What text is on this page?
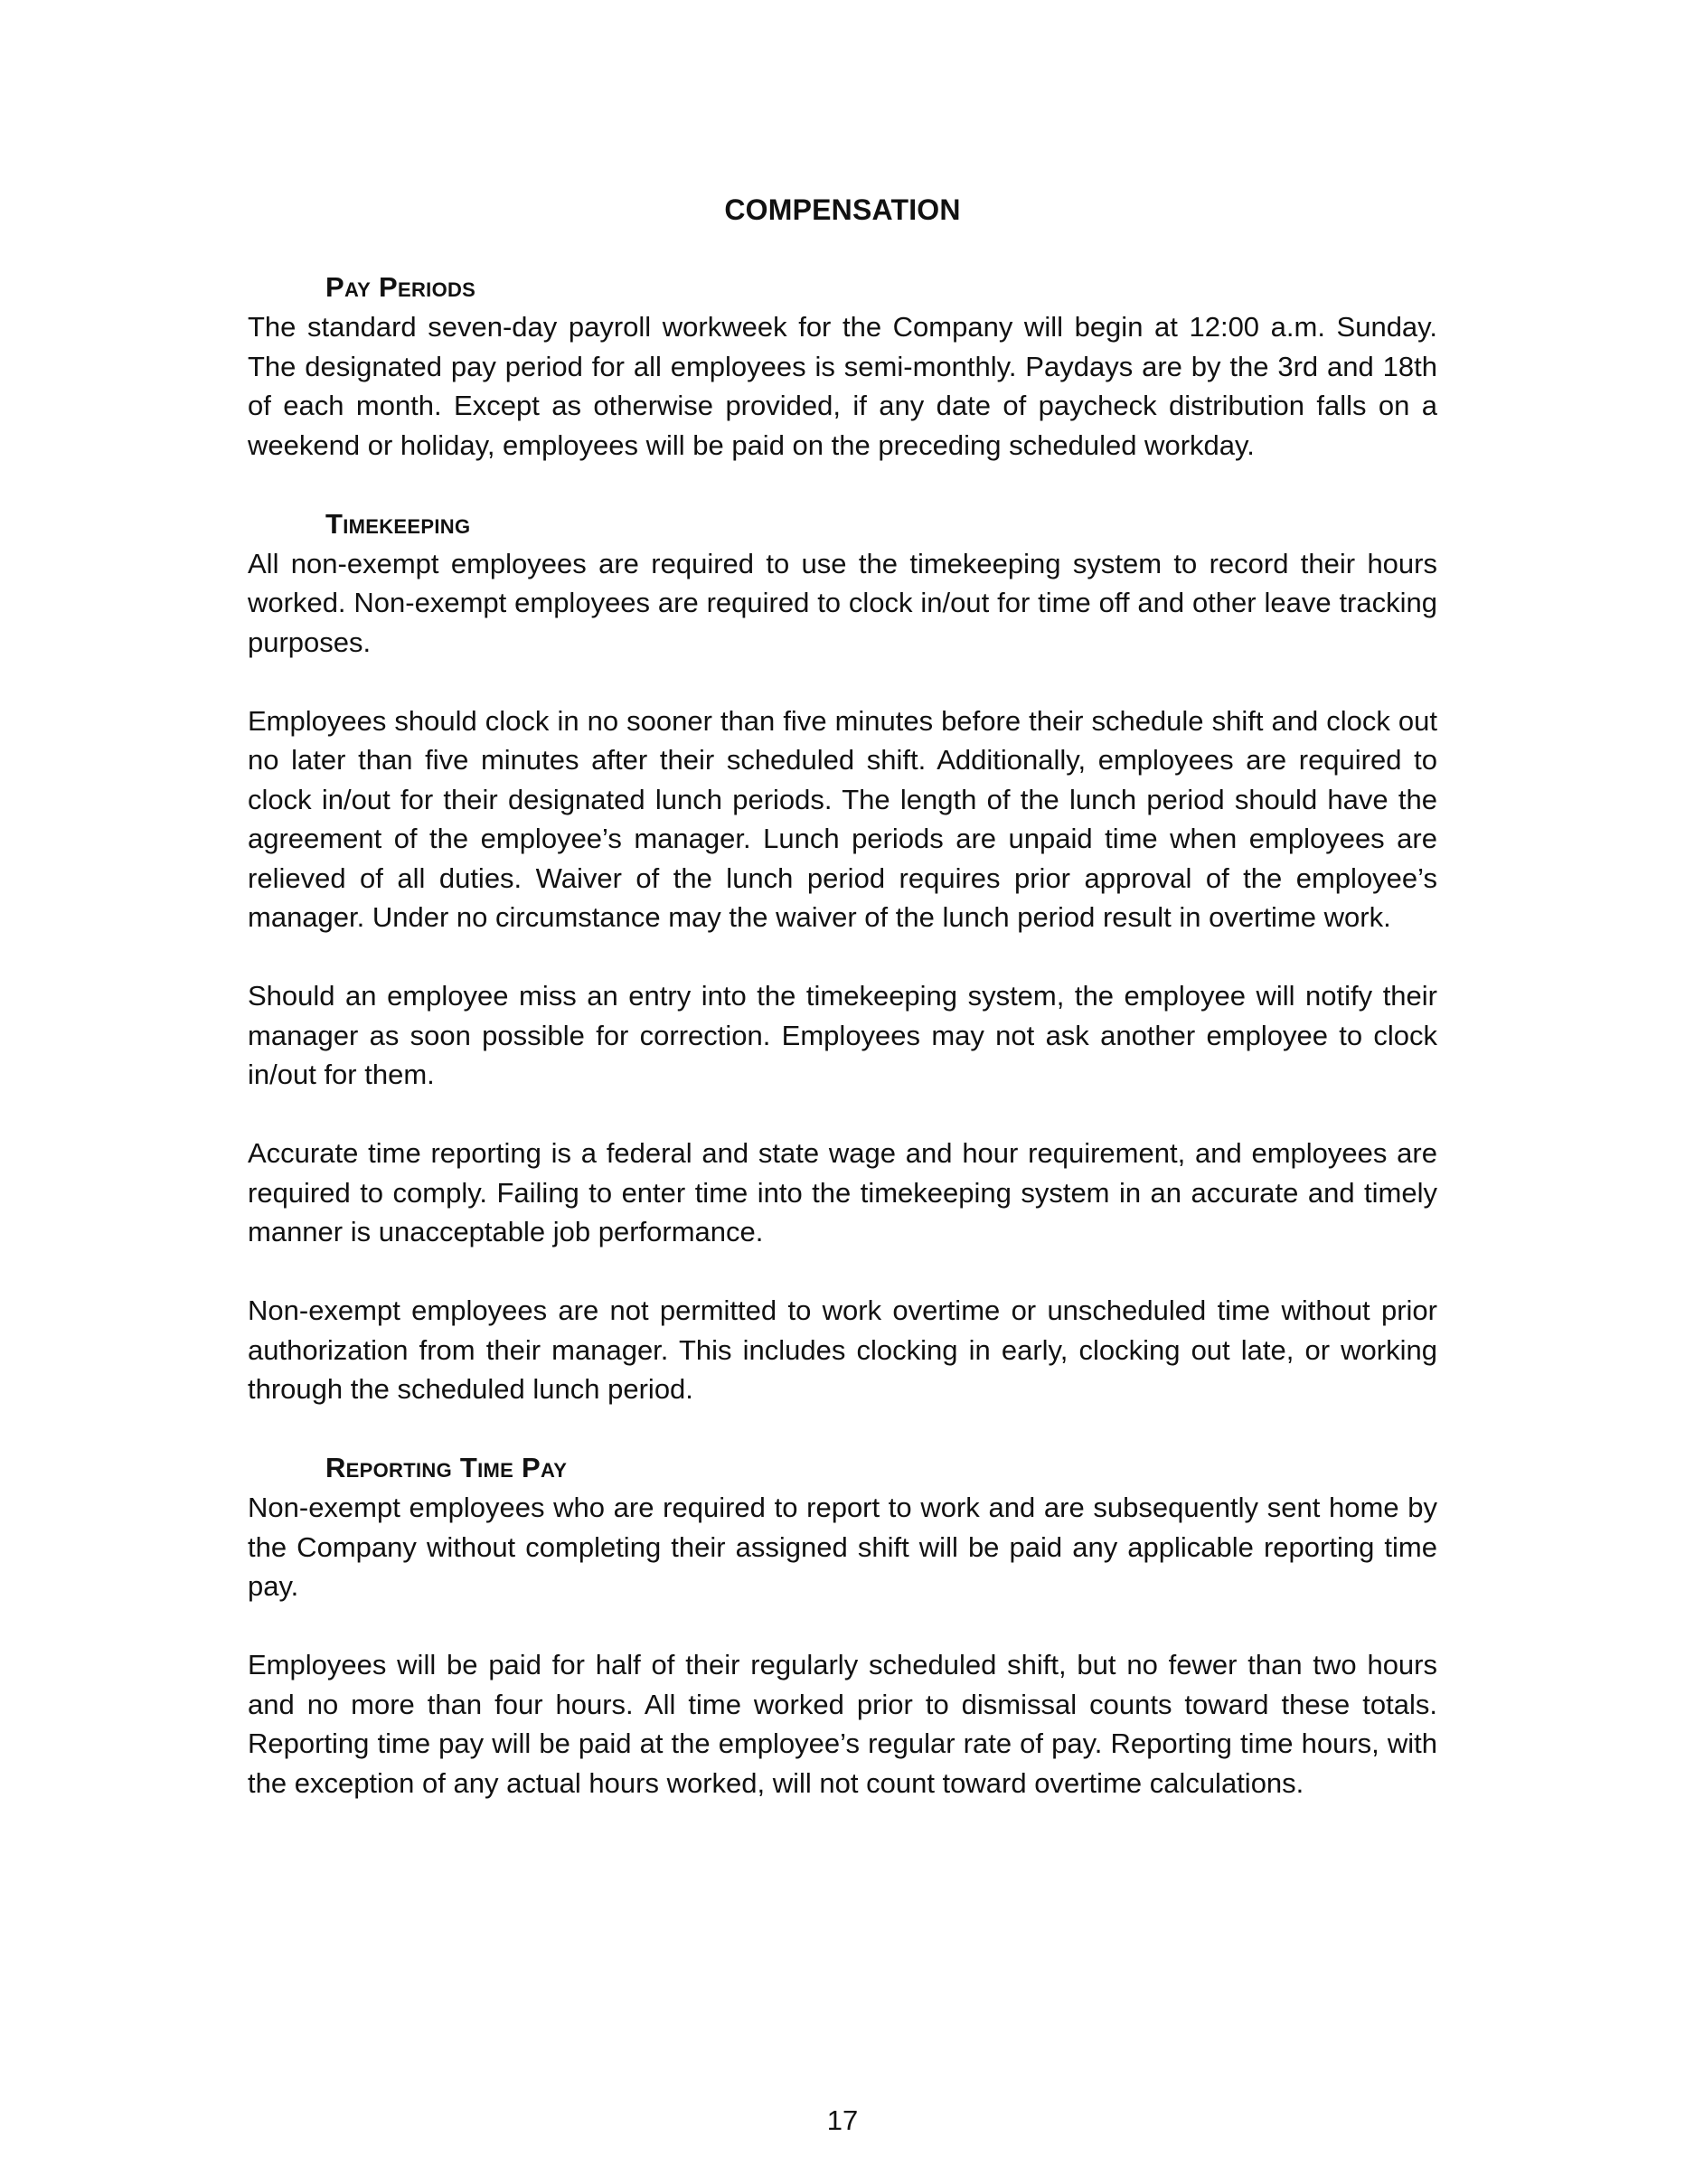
COMPENSATION
Pay Periods

The standard seven-day payroll workweek for the Company will begin at 12:00 a.m. Sunday. The designated pay period for all employees is semi-monthly. Paydays are by the 3rd and 18th of each month. Except as otherwise provided, if any date of paycheck distribution falls on a weekend or holiday, employees will be paid on the preceding scheduled workday.

Timekeeping

All non-exempt employees are required to use the timekeeping system to record their hours worked. Non-exempt employees are required to clock in/out for time off and other leave tracking purposes.

Employees should clock in no sooner than five minutes before their schedule shift and clock out no later than five minutes after their scheduled shift. Additionally, employees are required to clock in/out for their designated lunch periods. The length of the lunch period should have the agreement of the employee’s manager. Lunch periods are unpaid time when employees are relieved of all duties. Waiver of the lunch period requires prior approval of the employee’s manager. Under no circumstance may the waiver of the lunch period result in overtime work.

Should an employee miss an entry into the timekeeping system, the employee will notify their manager as soon possible for correction. Employees may not ask another employee to clock in/out for them.

Accurate time reporting is a federal and state wage and hour requirement, and employees are required to comply. Failing to enter time into the timekeeping system in an accurate and timely manner is unacceptable job performance.

Non-exempt employees are not permitted to work overtime or unscheduled time without prior authorization from their manager. This includes clocking in early, clocking out late, or working through the scheduled lunch period.

Reporting Time Pay

Non-exempt employees who are required to report to work and are subsequently sent home by the Company without completing their assigned shift will be paid any applicable reporting time pay.

Employees will be paid for half of their regularly scheduled shift, but no fewer than two hours and no more than four hours. All time worked prior to dismissal counts toward these totals. Reporting time pay will be paid at the employee’s regular rate of pay. Reporting time hours, with the exception of any actual hours worked, will not count toward overtime calculations.

17
